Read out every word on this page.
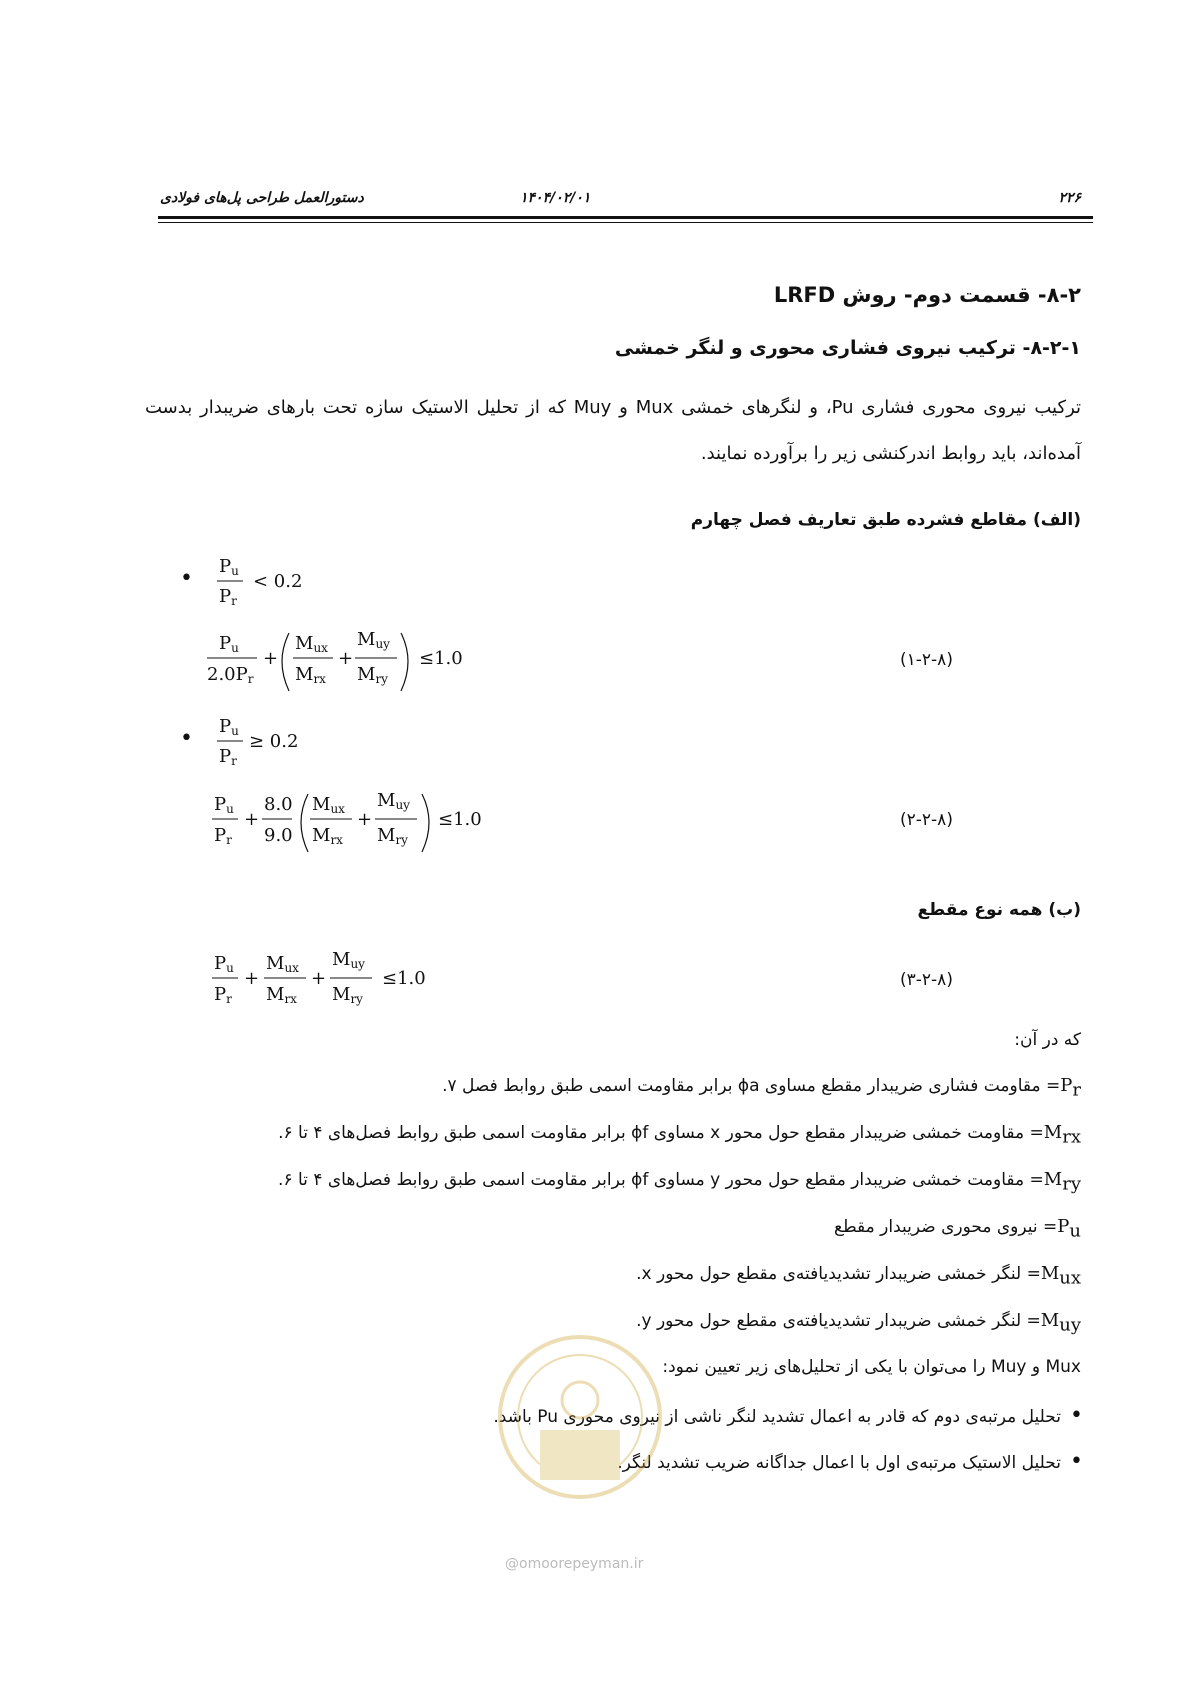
۲۲۶
۱۴۰۴/۰۲/۰۱
دستورالعمل طراحی پل‌های فولادی
۸-۲- قسمت دوم- روش LRFD
۸-۲-۱- ترکیب نیروی فشاری محوری و لنگر خمشی
ترکیب نیروی محوری فشاری Pu، و لنگرهای خمشی Mux و Muy که از تحلیل الاستیک سازه تحت بارهای ضریبدار بدست آمده‌اند، باید روابط اندرکنشی زیر را برآورده نمایند.
(الف) مقاطع فشرده طبق تعاریف فصل چهارم
• Pu
Pr
< 0.2
Pu
2.0Pr
+
Mux
Mrx
+
Muy
Mry
≤1.0	(۱-۲-۸)
• Pu
Pr
≥ 0.2
Pu
Pr
+
8.0
9.0
Mux
Mrx
+
Muy
Mry
≤1.0	(۲-۲-۸)
(ب) همه نوع مقطع
Pu
Pr
+
Mux
Mrx
+
Muy
Mry
≤1.0	(۳-۲-۸)
که در آن:
$P_r=$ مقاومت فشاری ضریبدار مقطع مساوی ϕa برابر مقاومت اسمی طبق روابط فصل ۷.
$M_{rx}=$ مقاومت خمشی ضریبدار مقطع حول محور x مساوی ϕf برابر مقاومت اسمی طبق روابط فصل‌های ۴ تا ۶.
$M_{ry}=$ مقاومت خمشی ضریبدار مقطع حول محور y مساوی ϕf برابر مقاومت اسمی طبق روابط فصل‌های ۴ تا ۶.
$P_u=$ نیروی محوری ضریبدار مقطع
$M_{ux}=$ لنگر خمشی ضریبدار تشدیدیافته‌ی مقطع حول محور x.
$M_{uy}=$ لنگر خمشی ضریبدار تشدیدیافته‌ی مقطع حول محور y.
Mux و Muy را می‌توان با یکی از تحلیل‌های زیر تعیین نمود:
تحلیل مرتبه‌ی دوم که قادر به اعمال تشدید لنگر ناشی از نیروی محوری Pu باشد. •
تحلیل الاستیک مرتبه‌ی اول با اعمال جداگانه ضریب تشدید لنگر. •
@omoorepeyman.ir
